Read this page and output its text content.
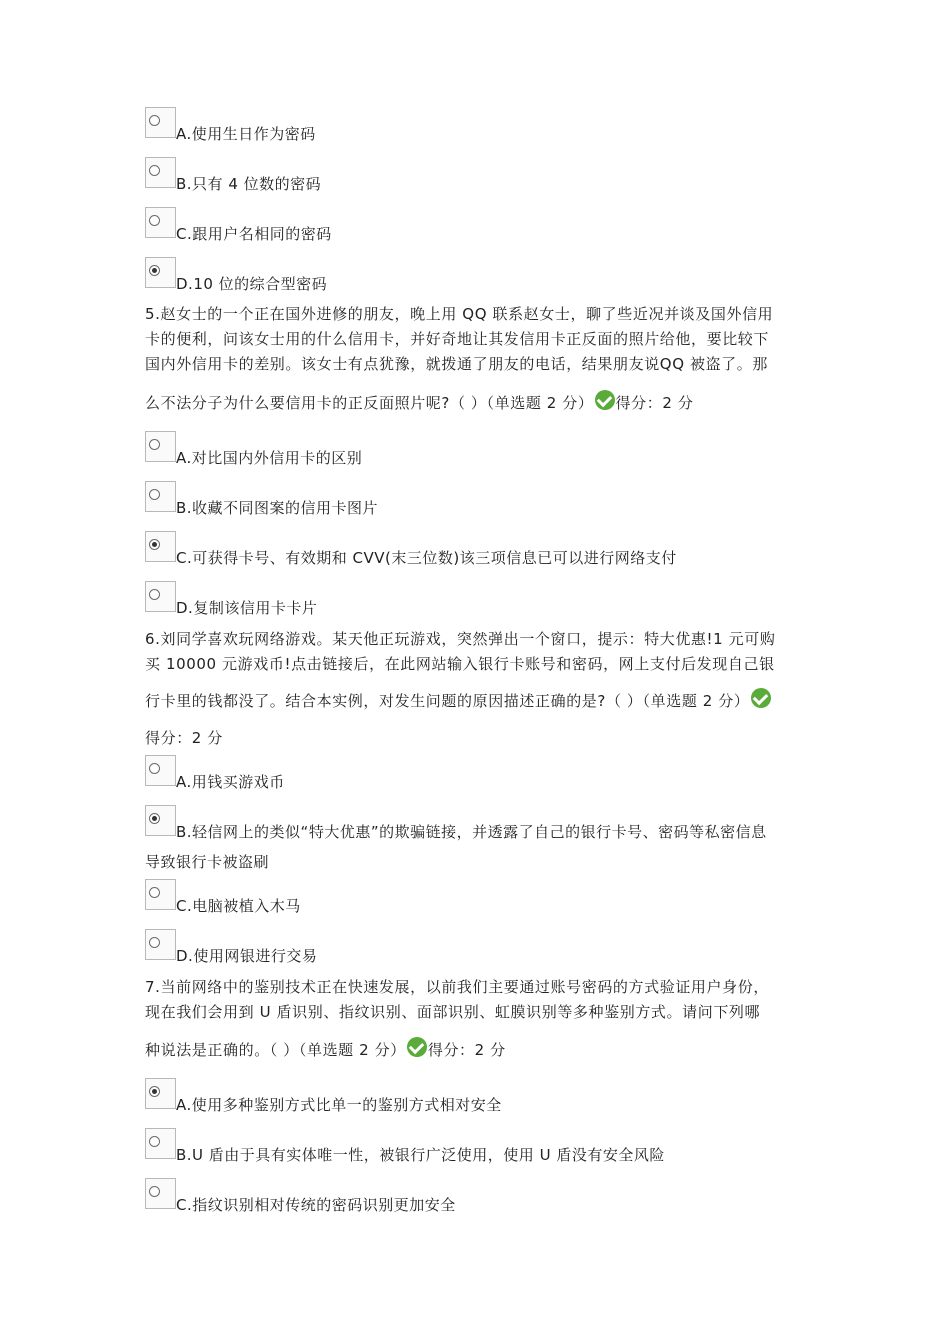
A.使用生日作为密码
B.只有 4 位数的密码
C.跟用户名相同的密码
D.10 位的综合型密码
5.赵女士的一个正在国外进修的朋友，晚上用 QQ 联系赵女士，聊了些近况并谈及国外信用
卡的便利，问该女士用的什么信用卡，并好奇地让其发信用卡正反面的照片给他，要比较下
国内外信用卡的差别。该女士有点犹豫，就拨通了朋友的电话，结果朋友说QQ 被盗了。那
么不法分子为什么要信用卡的正反面照片呢?（ ）（单选题 2 分） 得分：2 分
A.对比国内外信用卡的区别
B.收藏不同图案的信用卡图片
C.可获得卡号、有效期和 CVV(末三位数)该三项信息已可以进行网络支付
D.复制该信用卡卡片
6.刘同学喜欢玩网络游戏。某天他正玩游戏，突然弹出一个窗口，提示：特大优惠!1 元可购
买 10000 元游戏币!点击链接后，在此网站输入银行卡账号和密码，网上支付后发现自己银
行卡里的钱都没了。结合本实例，对发生问题的原因描述正确的是?（ ）（单选题 2 分）
得分：2 分
A.用钱买游戏币
B.轻信网上的类似“特大优惠”的欺骗链接，并透露了自己的银行卡号、密码等私密信息
导致银行卡被盗刷
C.电脑被植入木马
D.使用网银进行交易
7.当前网络中的鉴别技术正在快速发展，以前我们主要通过账号密码的方式验证用户身份，
现在我们会用到 U 盾识别、指纹识别、面部识别、虹膜识别等多种鉴别方式。请问下列哪
种说法是正确的。（ ）（单选题 2 分） 得分：2 分
A.使用多种鉴别方式比单一的鉴别方式相对安全
B.U 盾由于具有实体唯一性，被银行广泛使用，使用 U 盾没有安全风险
C.指纹识别相对传统的密码识别更加安全
